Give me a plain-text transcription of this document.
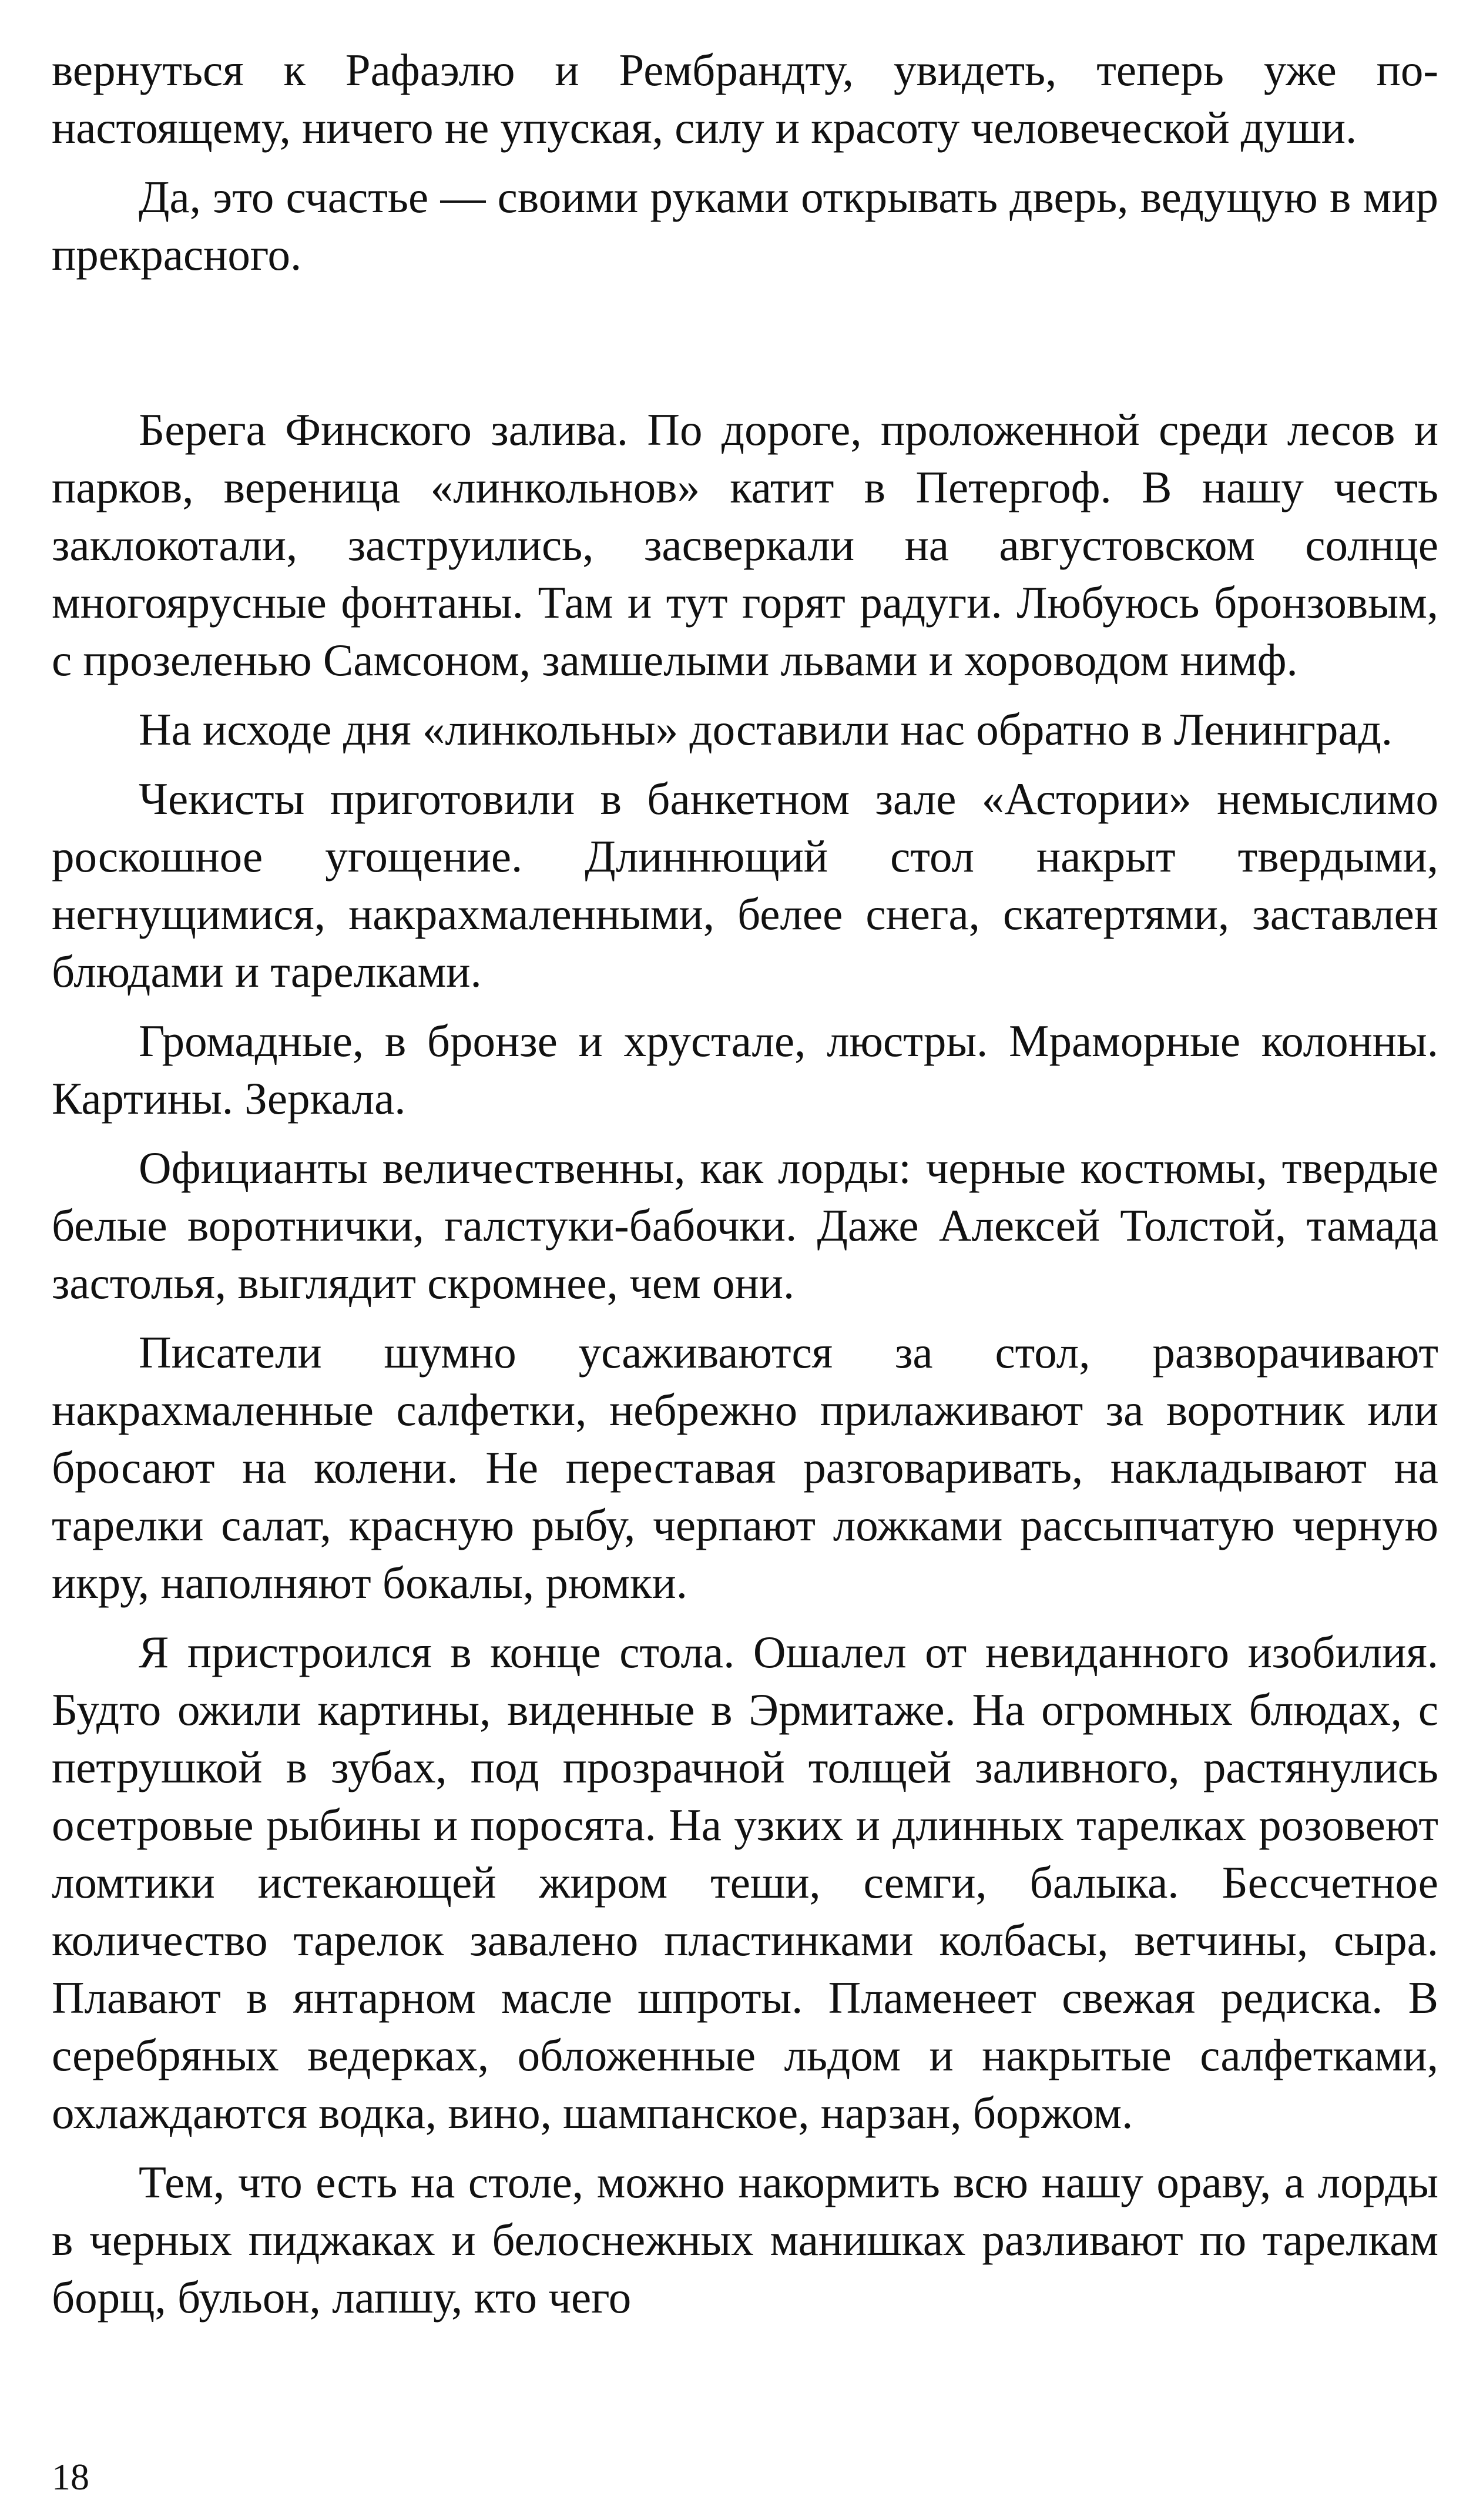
вернуться к Рафаэлю и Рембрандту, увидеть, теперь уже по-настоящему, ничего не упуская, силу и красоту человеческой души.

Да, это счастье — своими руками открывать дверь, ведущую в мир прекрасного.

Берега Финского залива. По дороге, проложенной среди лесов и парков, вереница «линкольнов» катит в Петергоф. В нашу честь заклокотали, заструились, засверкали на августовском солнце многоярусные фонтаны. Там и тут горят радуги. Любуюсь бронзовым, с прозеленью Самсоном, замшелыми львами и хороводом нимф.

На исходе дня «линкольны» доставили нас обратно в Ленинград.

Чекисты приготовили в банкетном зале «Астории» немыслимо роскошное угощение. Длиннющий стол накрыт твердыми, негнущимися, накрахмаленными, белее снега, скатертями, заставлен блюдами и тарелками.

Громадные, в бронзе и хрустале, люстры. Мраморные колонны. Картины. Зеркала.

Официанты величественны, как лорды: черные костюмы, твердые белые воротнички, галстуки-бабочки. Даже Алексей Толстой, тамада застолья, выглядит скромнее, чем они.

Писатели шумно усаживаются за стол, разворачивают накрахмаленные салфетки, небрежно прилаживают за воротник или бросают на колени. Не переставая разговаривать, накладывают на тарелки салат, красную рыбу, черпают ложками рассыпчатую черную икру, наполняют бокалы, рюмки.

Я пристроился в конце стола. Ошалел от невиданного изобилия. Будто ожили картины, виденные в Эрмитаже. На огромных блюдах, с петрушкой в зубах, под прозрачной толщей заливного, растянулись осетровые рыбины и поросята. На узких и длинных тарелках розовеют ломтики истекающей жиром теши, семги, балыка. Бессчетное количество тарелок завалено пластинками колбасы, ветчины, сыра. Плавают в янтарном масле шпроты. Пламенеет свежая редиска. В серебряных ведерках, обложенные льдом и накрытые салфетками, охлаждаются водка, вино, шампанское, нарзан, боржом.

Тем, что есть на столе, можно накормить всю нашу ораву, а лорды в черных пиджаках и белоснежных манишках разливают по тарелкам борщ, бульон, лапшу, кто чего

18
